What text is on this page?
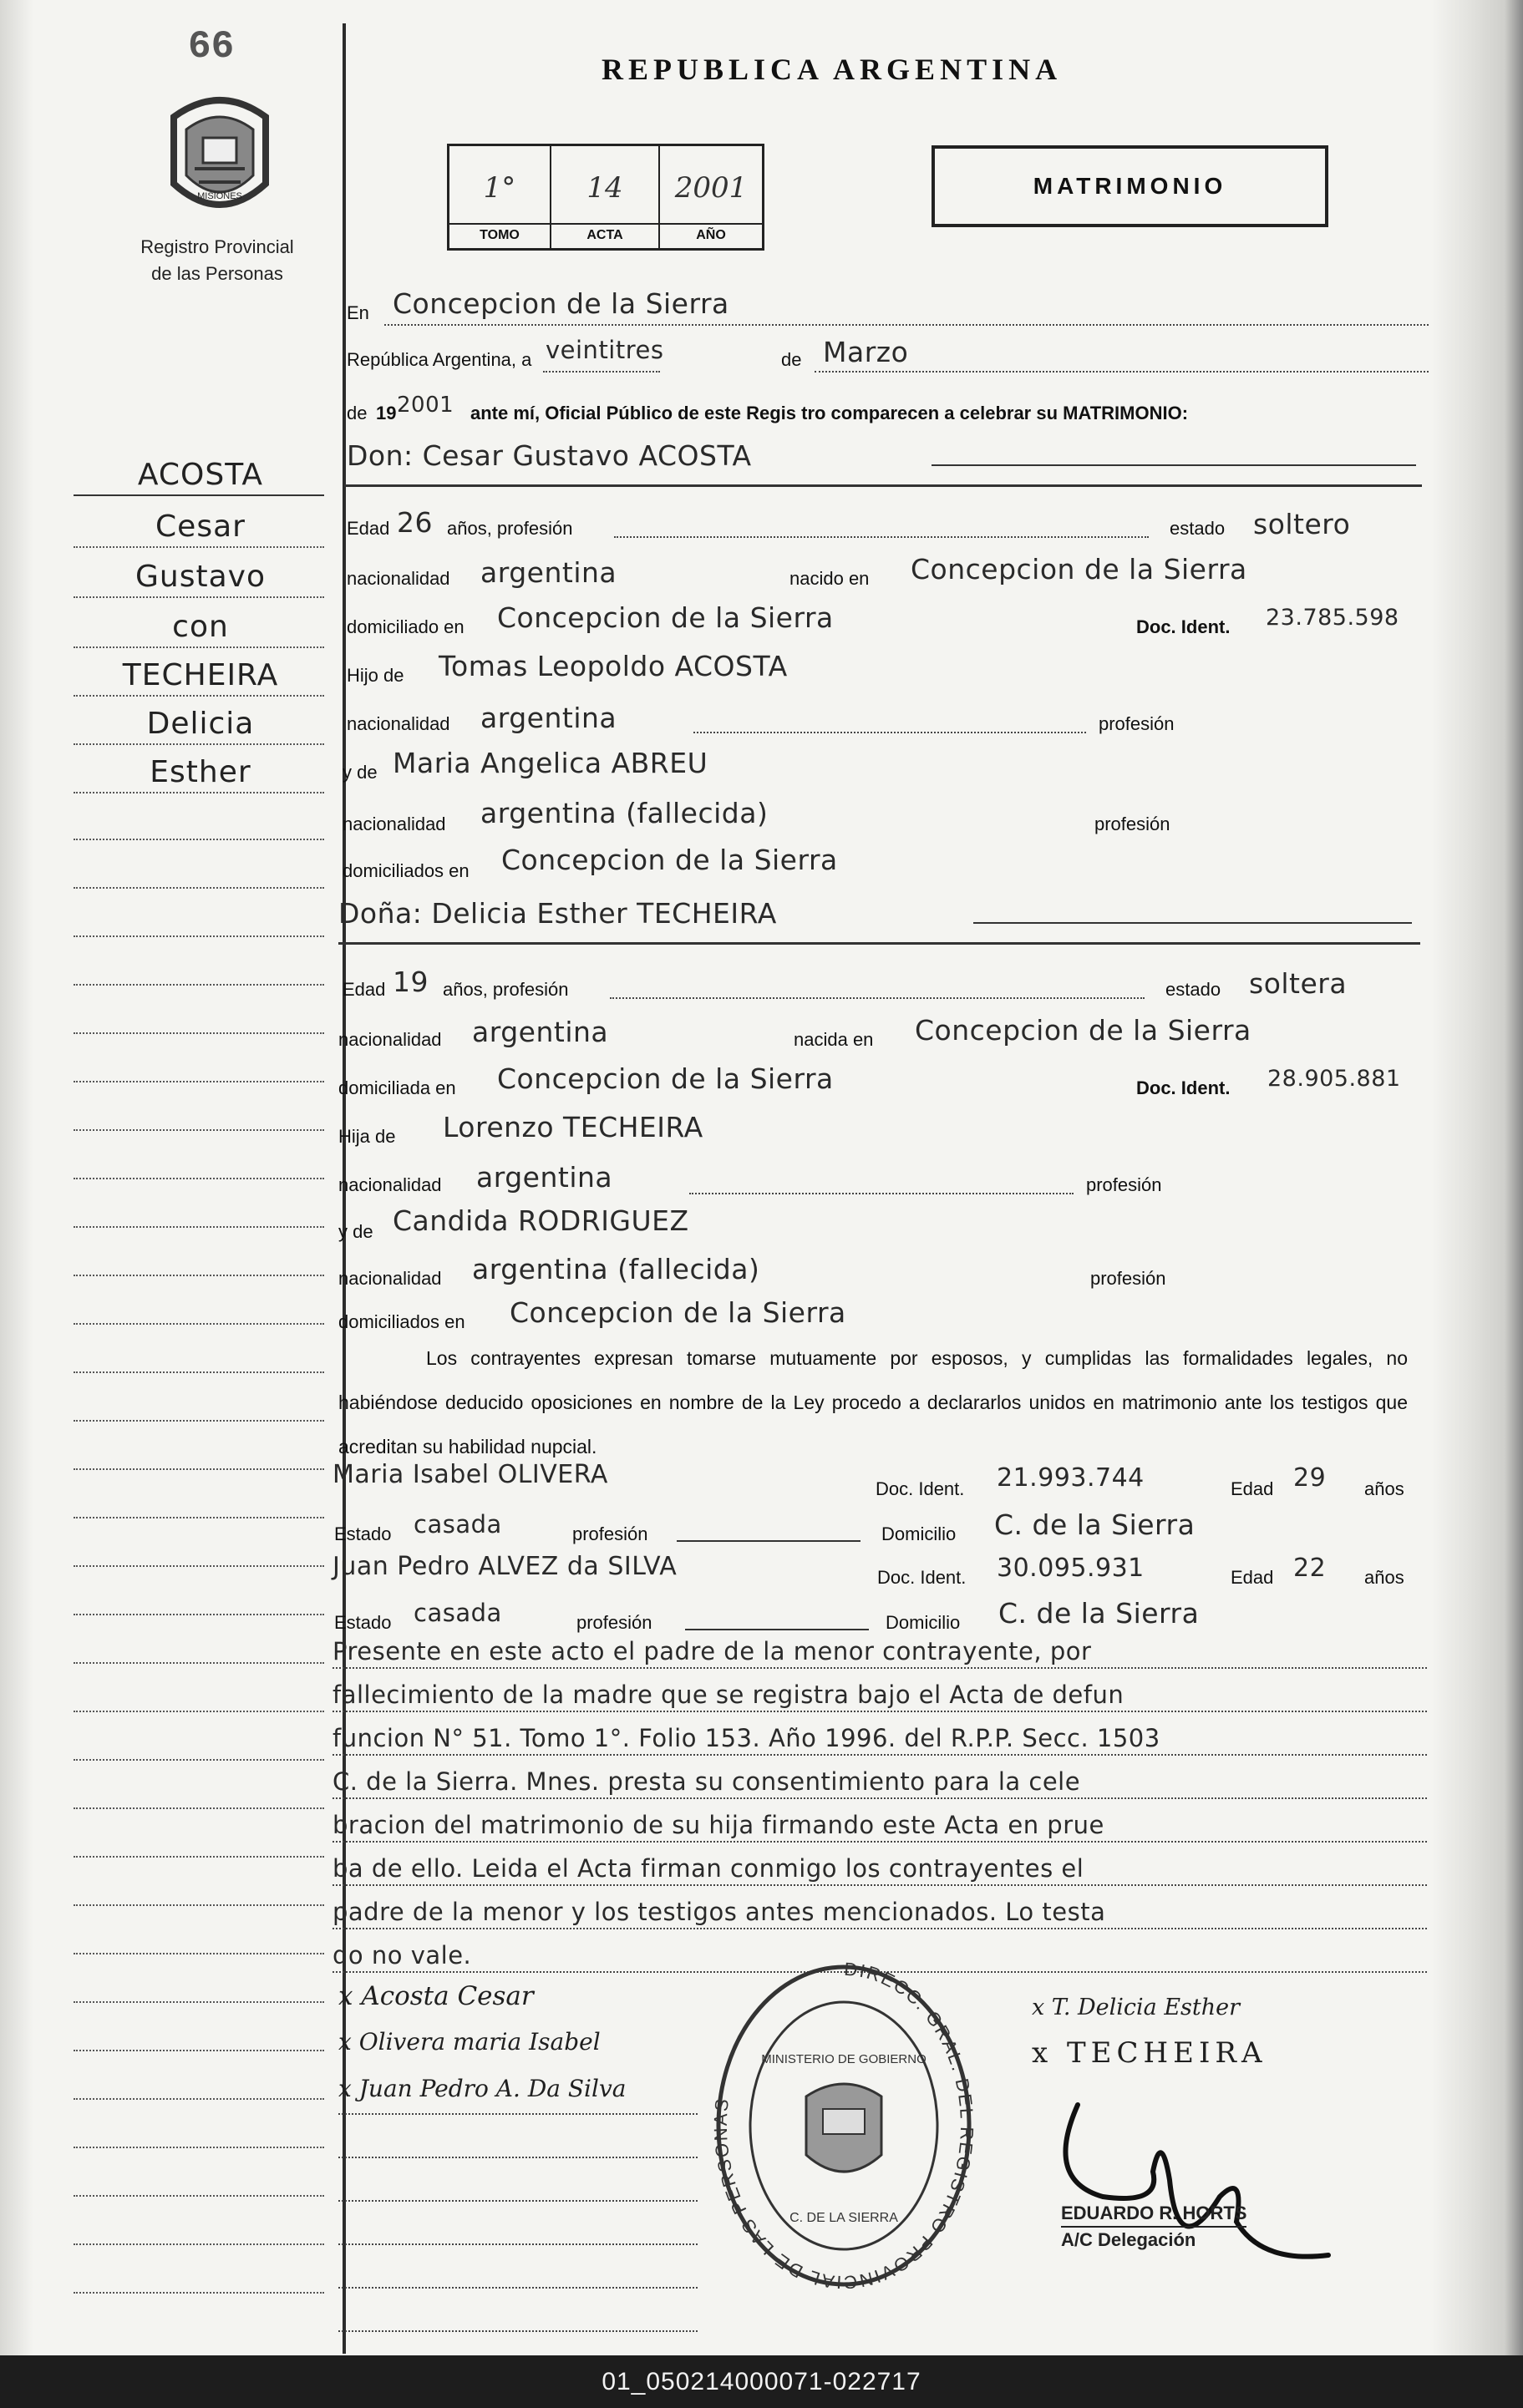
66
MISIONES
Registro Provincial
de las Personas
REPUBLICA ARGENTINA
1°
TOMO
14
ACTA
2001
AÑO
MATRIMONIO
ACOSTA
Cesar
Gustavo
con
TECHEIRA
Delicia
Esther
En Concepcion de la Sierra
República Argentina, a veintitres	de Marzo
de 19 2001 ante mí, Oficial Público de este Regis tro comparecen a celebrar su MATRIMONIO:
Don: Cesar Gustavo ACOSTA
Edad 26 años, profesión	estado soltero
nacionalidad argentina	nacido en Concepcion de la Sierra
domiciliado en Concepcion de la Sierra	Doc. Ident. 23.785.598
Hijo de Tomas Leopoldo ACOSTA
nacionalidad argentina	profesión
y de Maria Angelica ABREU
nacionalidad argentina (fallecida)	profesión
domiciliados en Concepcion de la Sierra
Doña: Delicia Esther TECHEIRA
Edad 19 años, profesión	estado soltera
nacionalidad argentina	nacida en Concepcion de la Sierra
domiciliada en Concepcion de la Sierra	Doc. Ident. 28.905.881
Hija de Lorenzo TECHEIRA
nacionalidad argentina	profesión
y de Candida RODRIGUEZ
nacionalidad argentina (fallecida)	profesión
domiciliados en Concepcion de la Sierra
Los contrayentes expresan tomarse mutuamente por esposos, y cumplidas las formalidades legales, no habiéndose deducido oposiciones en nombre de la Ley procedo a declararlos unidos en matrimonio ante los testigos que acreditan su habilidad nupcial.
Maria Isabel OLIVERA	Doc. Ident. 21.993.744	Edad 29 años
Estado casada	profesión	Domicilio C. de la Sierra
Juan Pedro ALVEZ da SILVA	Doc. Ident. 30.095.931	Edad 22 años
Estado casada	profesión	Domicilio C. de la Sierra
Presente en este acto el padre de la menor contrayente, por
fallecimiento de la madre que se registra bajo el Acta de defun
funcion N° 51. Tomo 1°. Folio 153. Año 1996. del R.P.P. Secc. 1503
C. de la Sierra. Mnes. presta su consentimiento para la cele
bracion del matrimonio de su hija firmando este Acta en prue
ba de ello. Leida el Acta firman conmigo los contrayentes el
padre de la menor y los testigos antes mencionados. Lo testa
do no vale.
x Acosta Cesar
x Olivera maria Isabel
x Juan Pedro A. Da Silva
x T. Delicia Esther
x TECHEIRA
DIRECC. GRAL. DEL REGISTRO PROVINCIAL DE LAS PERSONAS
MINISTERIO DE GOBIERNO
C. DE LA SIERRA	EDUARDO R. HORTS
A/C Delegación
01_050214000071-022717
